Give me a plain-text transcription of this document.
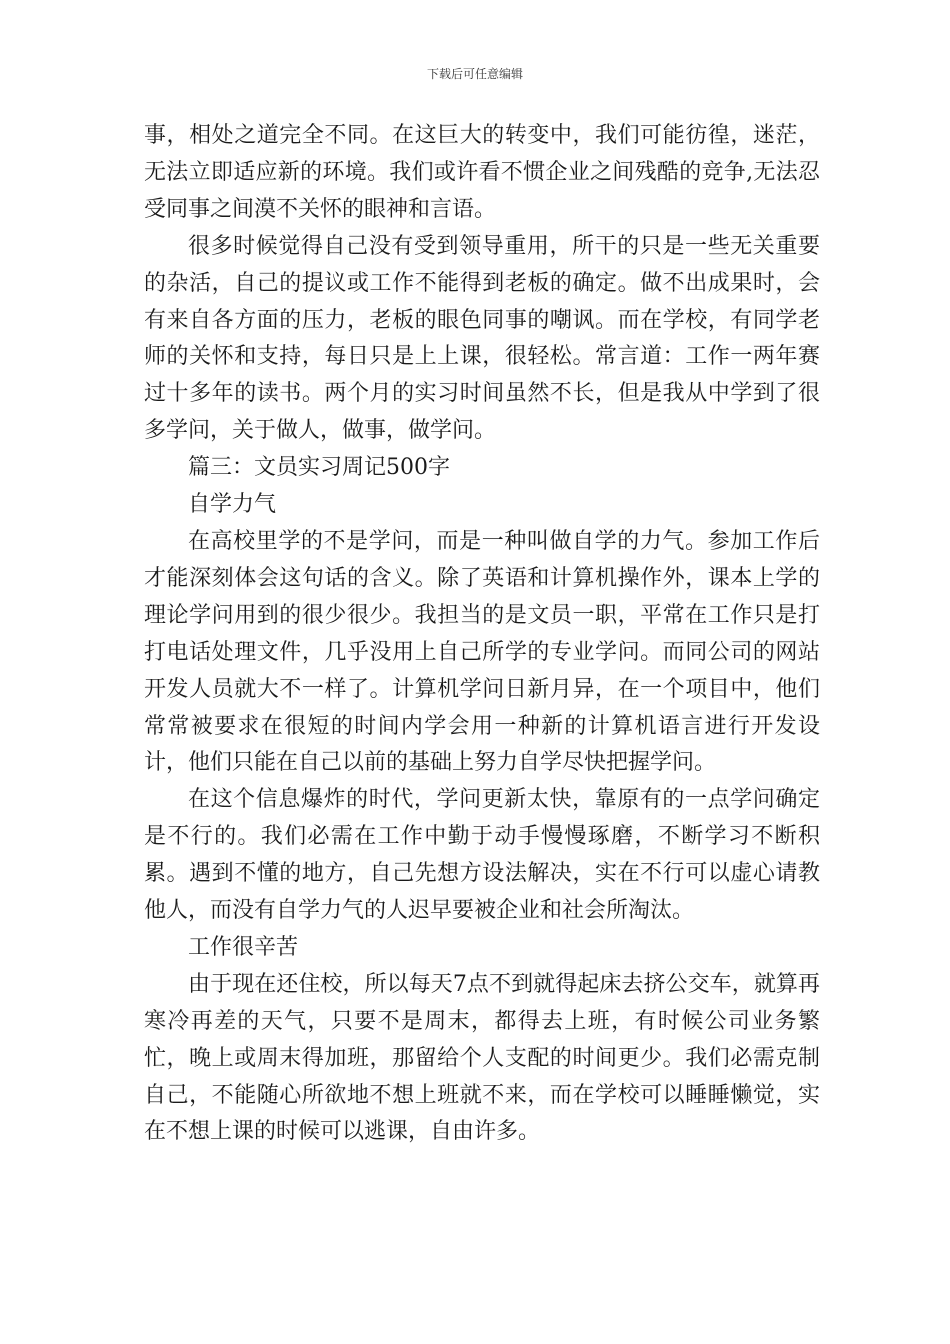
下载后可任意编辑

事，相处之道完全不同。在这巨大的转变中，我们可能彷徨，迷茫，无法立即适应新的环境。我们或许看不惯企业之间残酷的竞争,无法忍受同事之间漠不关怀的眼神和言语。

很多时候觉得自己没有受到领导重用，所干的只是一些无关重要的杂活，自己的提议或工作不能得到老板的确定。做不出成果时，会有来自各方面的压力，老板的眼色同事的嘲讽。而在学校，有同学老师的关怀和支持，每日只是上上课，很轻松。常言道：工作一两年赛过十多年的读书。两个月的实习时间虽然不长，但是我从中学到了很多学问，关于做人，做事，做学问。

篇三：文员实习周记500字

自学力气

在高校里学的不是学问，而是一种叫做自学的力气。参加工作后才能深刻体会这句话的含义。除了英语和计算机操作外，课本上学的理论学问用到的很少很少。我担当的是文员一职，平常在工作只是打打电话处理文件，几乎没用上自己所学的专业学问。而同公司的网站开发人员就大不一样了。计算机学问日新月异，在一个项目中，他们常常被要求在很短的时间内学会用一种新的计算机语言进行开发设计，他们只能在自己以前的基础上努力自学尽快把握学问。

在这个信息爆炸的时代，学问更新太快，靠原有的一点学问确定是不行的。我们必需在工作中勤于动手慢慢琢磨，不断学习不断积累。遇到不懂的地方，自己先想方设法解决，实在不行可以虚心请教他人，而没有自学力气的人迟早要被企业和社会所淘汰。

工作很辛苦

由于现在还住校，所以每天7点不到就得起床去挤公交车，就算再寒冷再差的天气，只要不是周末，都得去上班，有时候公司业务繁忙，晚上或周末得加班，那留给个人支配的时间更少。我们必需克制自己，不能随心所欲地不想上班就不来，而在学校可以睡睡懒觉，实在不想上课的时候可以逃课，自由许多。
